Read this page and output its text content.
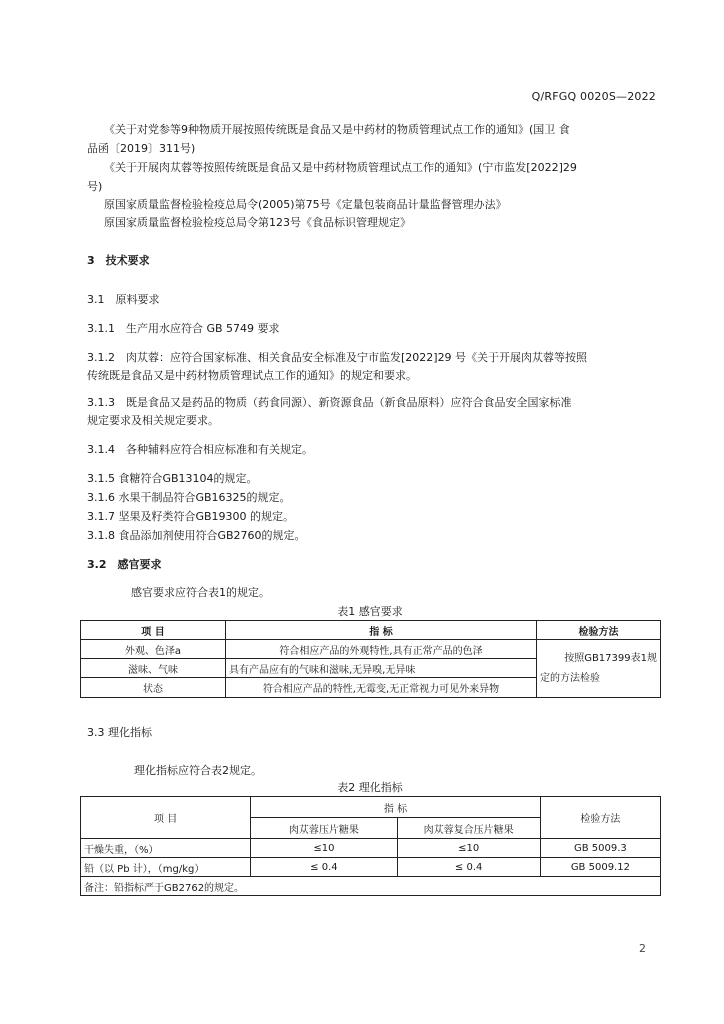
Q/RFGQ 0020S—2022
《关于对党参等9种物质开展按照传统既是食品又是中药材的物质管理试点工作的通知》(国卫 食
品函〔2019〕311号)
《关于开展肉苁蓉等按照传统既是食品又是中药材物质管理试点工作的通知》(宁市监发[2022]29
号)
原国家质量监督检验检疫总局令(2005)第75号《定量包装商品计量监督管理办法》
原国家质量监督检验检疫总局令第123号《食品标识管理规定》
3　技术要求
3.1　原料要求
3.1.1　生产用水应符合 GB 5749 要求
3.1.2　肉苁蓉：应符合国家标准、相关食品安全标准及宁市监发[2022]29 号《关于开展肉苁蓉等按照
传统既是食品又是中药材物质管理试点工作的通知》的规定和要求。
3.1.3　既是食品又是药品的物质（药食同源）、新资源食品（新食品原料）应符合食品安全国家标准
规定要求及相关规定要求。
3.1.4　各种辅料应符合相应标准和有关规定。
3.1.5 食糖符合GB13104的规定。
3.1.6 水果干制品符合GB16325的规定。
3.1.7 坚果及籽类符合GB19300 的规定。
3.1.8 食品添加剂使用符合GB2760的规定。
3.2　感官要求
感官要求应符合表1的规定。
表1 感官要求
项 目	指 标	检验方法
外观、色泽a	符合相应产品的外观特性,具有正常产品的色泽	按照GB17399表1规
定的方法检验

滋味、气味	具有产品应有的气味和滋味,无异嗅,无异味	
状态	符合相应产品的特性,无霉变,无正常视力可见外来异物	
3.3 理化指标
理化指标应符合表2规定。
表2 理化指标
项 目	指 标		检验方法
	肉苁蓉压片糖果	肉苁蓉复合压片糖果	
干燥失重，（%）	≤10	≤10	GB 5009.3
铅（以 Pb 计），（mg/kg）	≤ 0.4	≤ 0.4	GB 5009.12
备注：铅指标严于GB2762的规定。			
2
